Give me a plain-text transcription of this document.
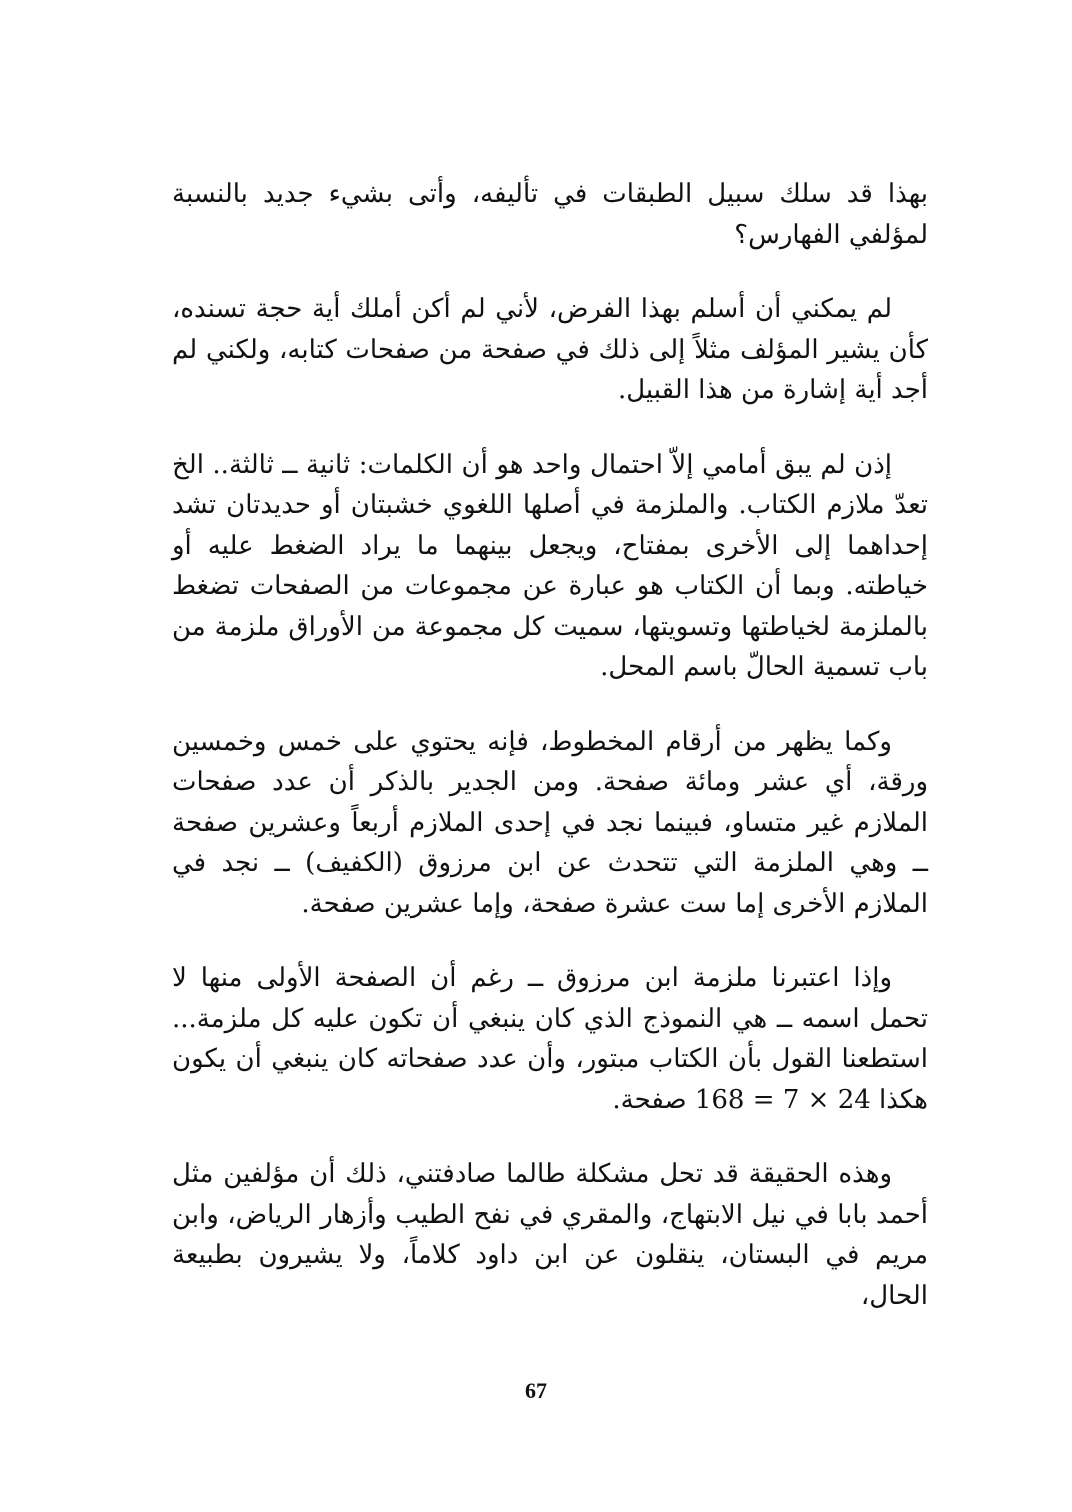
بهذا قد سلك سبيل الطبقات في تأليفه، وأتى بشيء جديد بالنسبة لمؤلفي الفهارس؟

لم يمكني أن أسلم بهذا الفرض، لأني لم أكن أملك أية حجة تسنده، كأن يشير المؤلف مثلاً إلى ذلك في صفحة من صفحات كتابه، ولكني لم أجد أية إشارة من هذا القبيل.

إذن لم يبق أمامي إلاّ احتمال واحد هو أن الكلمات: ثانية ــ ثالثة.. الخ تعدّ ملازم الكتاب. والملزمة في أصلها اللغوي خشبتان أو حديدتان تشد إحداهما إلى الأخرى بمفتاح، ويجعل بينهما ما يراد الضغط عليه أو خياطته. وبما أن الكتاب هو عبارة عن مجموعات من الصفحات تضغط بالملزمة لخياطتها وتسويتها، سميت كل مجموعة من الأوراق ملزمة من باب تسمية الحالّ باسم المحل.

وكما يظهر من أرقام المخطوط، فإنه يحتوي على خمس وخمسين ورقة، أي عشر ومائة صفحة. ومن الجدير بالذكر أن عدد صفحات الملازم غير متساو، فبينما نجد في إحدى الملازم أربعاً وعشرين صفحة ــ وهي الملزمة التي تتحدث عن ابن مرزوق (الكفيف) ــ نجد في الملازم الأخرى إما ست عشرة صفحة، وإما عشرين صفحة.

وإذا اعتبرنا ملزمة ابن مرزوق ــ رغم أن الصفحة الأولى منها لا تحمل اسمه ــ هي النموذج الذي كان ينبغي أن تكون عليه كل ملزمة... استطعنا القول بأن الكتاب مبتور، وأن عدد صفحاته كان ينبغي أن يكون هكذا 24 × 7 = 168 صفحة.

وهذه الحقيقة قد تحل مشكلة طالما صادفتني، ذلك أن مؤلفين مثل أحمد بابا في نيل الابتهاج، والمقري في نفح الطيب وأزهار الرياض، وابن مريم في البستان، ينقلون عن ابن داود كلاماً، ولا يشيرون بطبيعة الحال،

67
